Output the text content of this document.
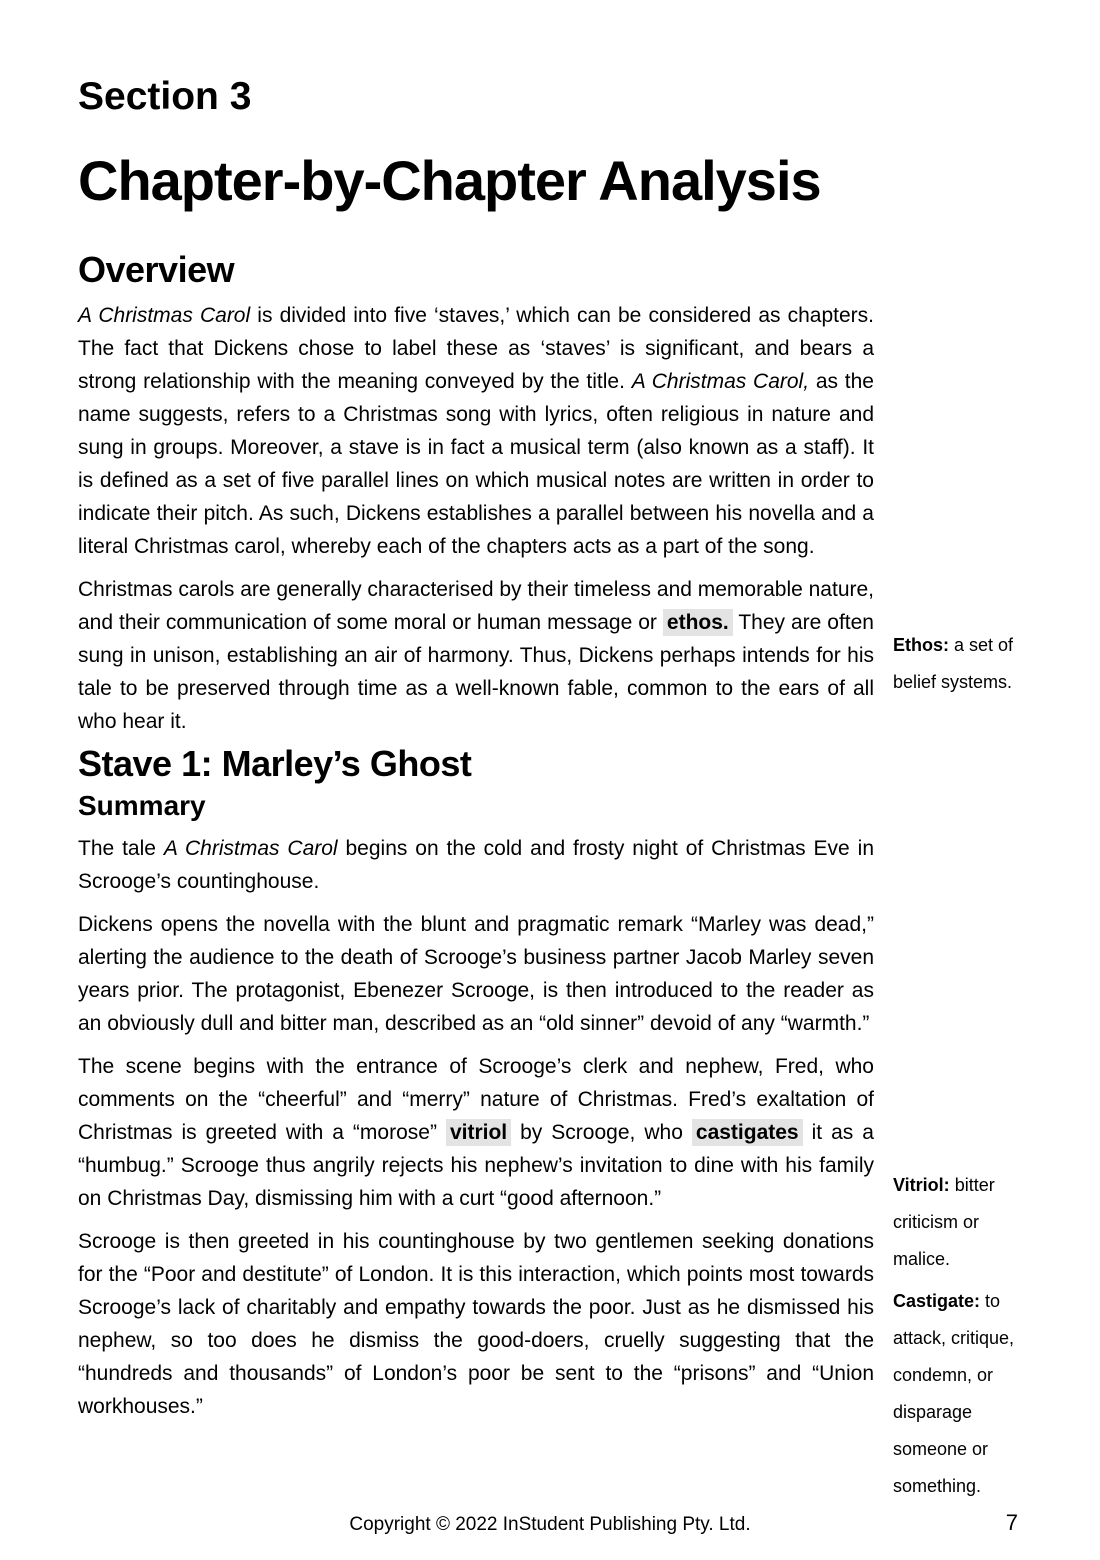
Section 3
Chapter-by-Chapter Analysis
Overview

A Christmas Carol is divided into five ‘staves,’ which can be considered as chapters. The fact that Dickens chose to label these as ‘staves’ is significant, and bears a strong relationship with the meaning conveyed by the title. A Christmas Carol, as the name suggests, refers to a Christmas song with lyrics, often religious in nature and sung in groups. Moreover, a stave is in fact a musical term (also known as a staff). It is defined as a set of five parallel lines on which musical notes are written in order to indicate their pitch. As such, Dickens establishes a parallel between his novella and a literal Christmas carol, whereby each of the chapters acts as a part of the song.

Christmas carols are generally characterised by their timeless and memorable nature, and their communication of some moral or human message or ethos. They are often sung in unison, establishing an air of harmony. Thus, Dickens perhaps intends for his tale to be preserved through time as a well-known fable, common to the ears of all who hear it.

Stave 1: Marley’s Ghost
Summary

The tale A Christmas Carol begins on the cold and frosty night of Christmas Eve in Scrooge’s countinghouse.

Dickens opens the novella with the blunt and pragmatic remark “Marley was dead,” alerting the audience to the death of Scrooge’s business partner Jacob Marley seven years prior. The protagonist, Ebenezer Scrooge, is then introduced to the reader as an obviously dull and bitter man, described as an “old sinner” devoid of any “warmth.”

The scene begins with the entrance of Scrooge’s clerk and nephew, Fred, who comments on the “cheerful” and “merry” nature of Christmas. Fred’s exaltation of Christmas is greeted with a “morose” vitriol by Scrooge, who castigates it as a “humbug.” Scrooge thus angrily rejects his nephew’s invitation to dine with his family on Christmas Day, dismissing him with a curt “good afternoon.”

Scrooge is then greeted in his countinghouse by two gentlemen seeking donations for the “Poor and destitute” of London. It is this interaction, which points most towards Scrooge’s lack of charitably and empathy towards the poor. Just as he dismissed his nephew, so too does he dismiss the good-doers, cruelly suggesting that the “hundreds and thousands” of London’s poor be sent to the “prisons” and “Union workhouses.”

Ethos: a set of belief systems.
Vitriol: bitter criticism or malice.
Castigate: to attack, critique, condemn, or disparage someone or something.
Copyright © 2022 InStudent Publishing Pty. Ltd.	7
